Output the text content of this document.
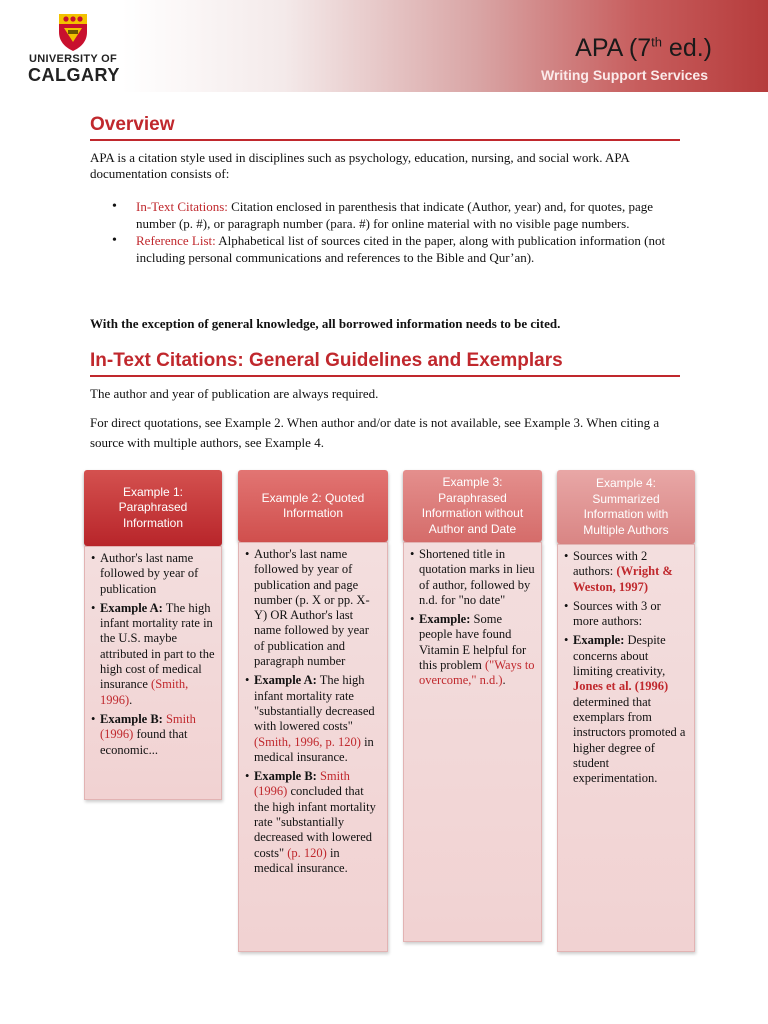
UNIVERSITY OF
CALGARY
APA (7th ed.)
Writing Support Services
Overview
APA is a citation style used in disciplines such as psychology, education, nursing, and social work. APA documentation consists of:
• In-Text Citations: Citation enclosed in parenthesis that indicate (Author, year) and, for quotes, page number (p. #), or paragraph number (para. #) for online material with no visible page numbers.
• Reference List: Alphabetical list of sources cited in the paper, along with publication information (not including personal communications and references to the Bible and Qur’an).
With the exception of general knowledge, all borrowed information needs to be cited.
In-Text Citations: General Guidelines and Exemplars
The author and year of publication are always required.
For direct quotations, see Example 2. When author and/or date is not available, see Example 3. When citing a source with multiple authors, see Example 4.
Example 1: Paraphrased Information
• Author's last name followed by year of publication
• Example A: The high infant mortality rate in the U.S. maybe attributed in part to the high cost of medical insurance (Smith, 1996).
• Example B: Smith (1996) found that economic...
Example 2: Quoted Information
• Author's last name followed by year of publication and page number (p. X or pp. X-Y) OR Author's last name followed by year of publication and paragraph number
• Example A: The high infant mortality rate "substantially decreased with lowered costs" (Smith, 1996, p. 120) in medical insurance.
• Example B: Smith (1996) concluded that the high infant mortality rate "substantially decreased with lowered costs" (p. 120) in medical insurance.
Example 3: Paraphrased Information without Author and Date
• Shortened title in quotation marks in lieu of author, followed by n.d. for "no date"
• Example: Some people have found Vitamin E helpful for this problem ("Ways to overcome," n.d.).
Example 4: Summarized Information with Multiple Authors
• Sources with 2 authors: (Wright & Weston, 1997)
• Sources with 3 or more authors:
• Example: Despite concerns about limiting creativity, Jones et al. (1996) determined that exemplars from instructors promoted a higher degree of student experimentation.
